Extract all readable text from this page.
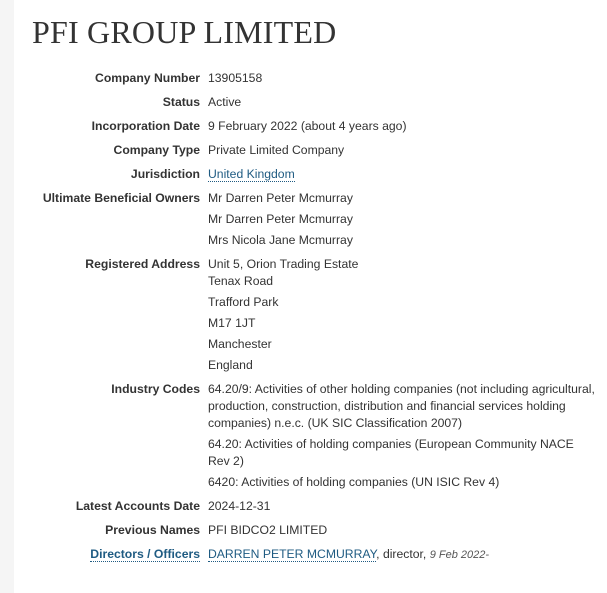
PFI GROUP LIMITED
Company Number 13905158
Status Active
Incorporation Date 9 February 2022 (about 4 years ago)
Company Type Private Limited Company
Jurisdiction United Kingdom
Ultimate Beneficial Owners Mr Darren Peter Mcmurray
Mr Darren Peter Mcmurray
Mrs Nicola Jane Mcmurray
Registered Address Unit 5, Orion Trading Estate
Tenax Road
Trafford Park
M17 1JT
Manchester
England
Industry Codes 64.20/9: Activities of other holding companies (not including agricultural, production, construction, distribution and financial services holding companies) n.e.c. (UK SIC Classification 2007)
64.20: Activities of holding companies (European Community NACE Rev 2)
6420: Activities of holding companies (UN ISIC Rev 4)
Latest Accounts Date 2024-12-31
Previous Names PFI BIDCO2 LIMITED
Directors / Officers DARREN PETER MCMURRAY, director, 9 Feb 2022-
